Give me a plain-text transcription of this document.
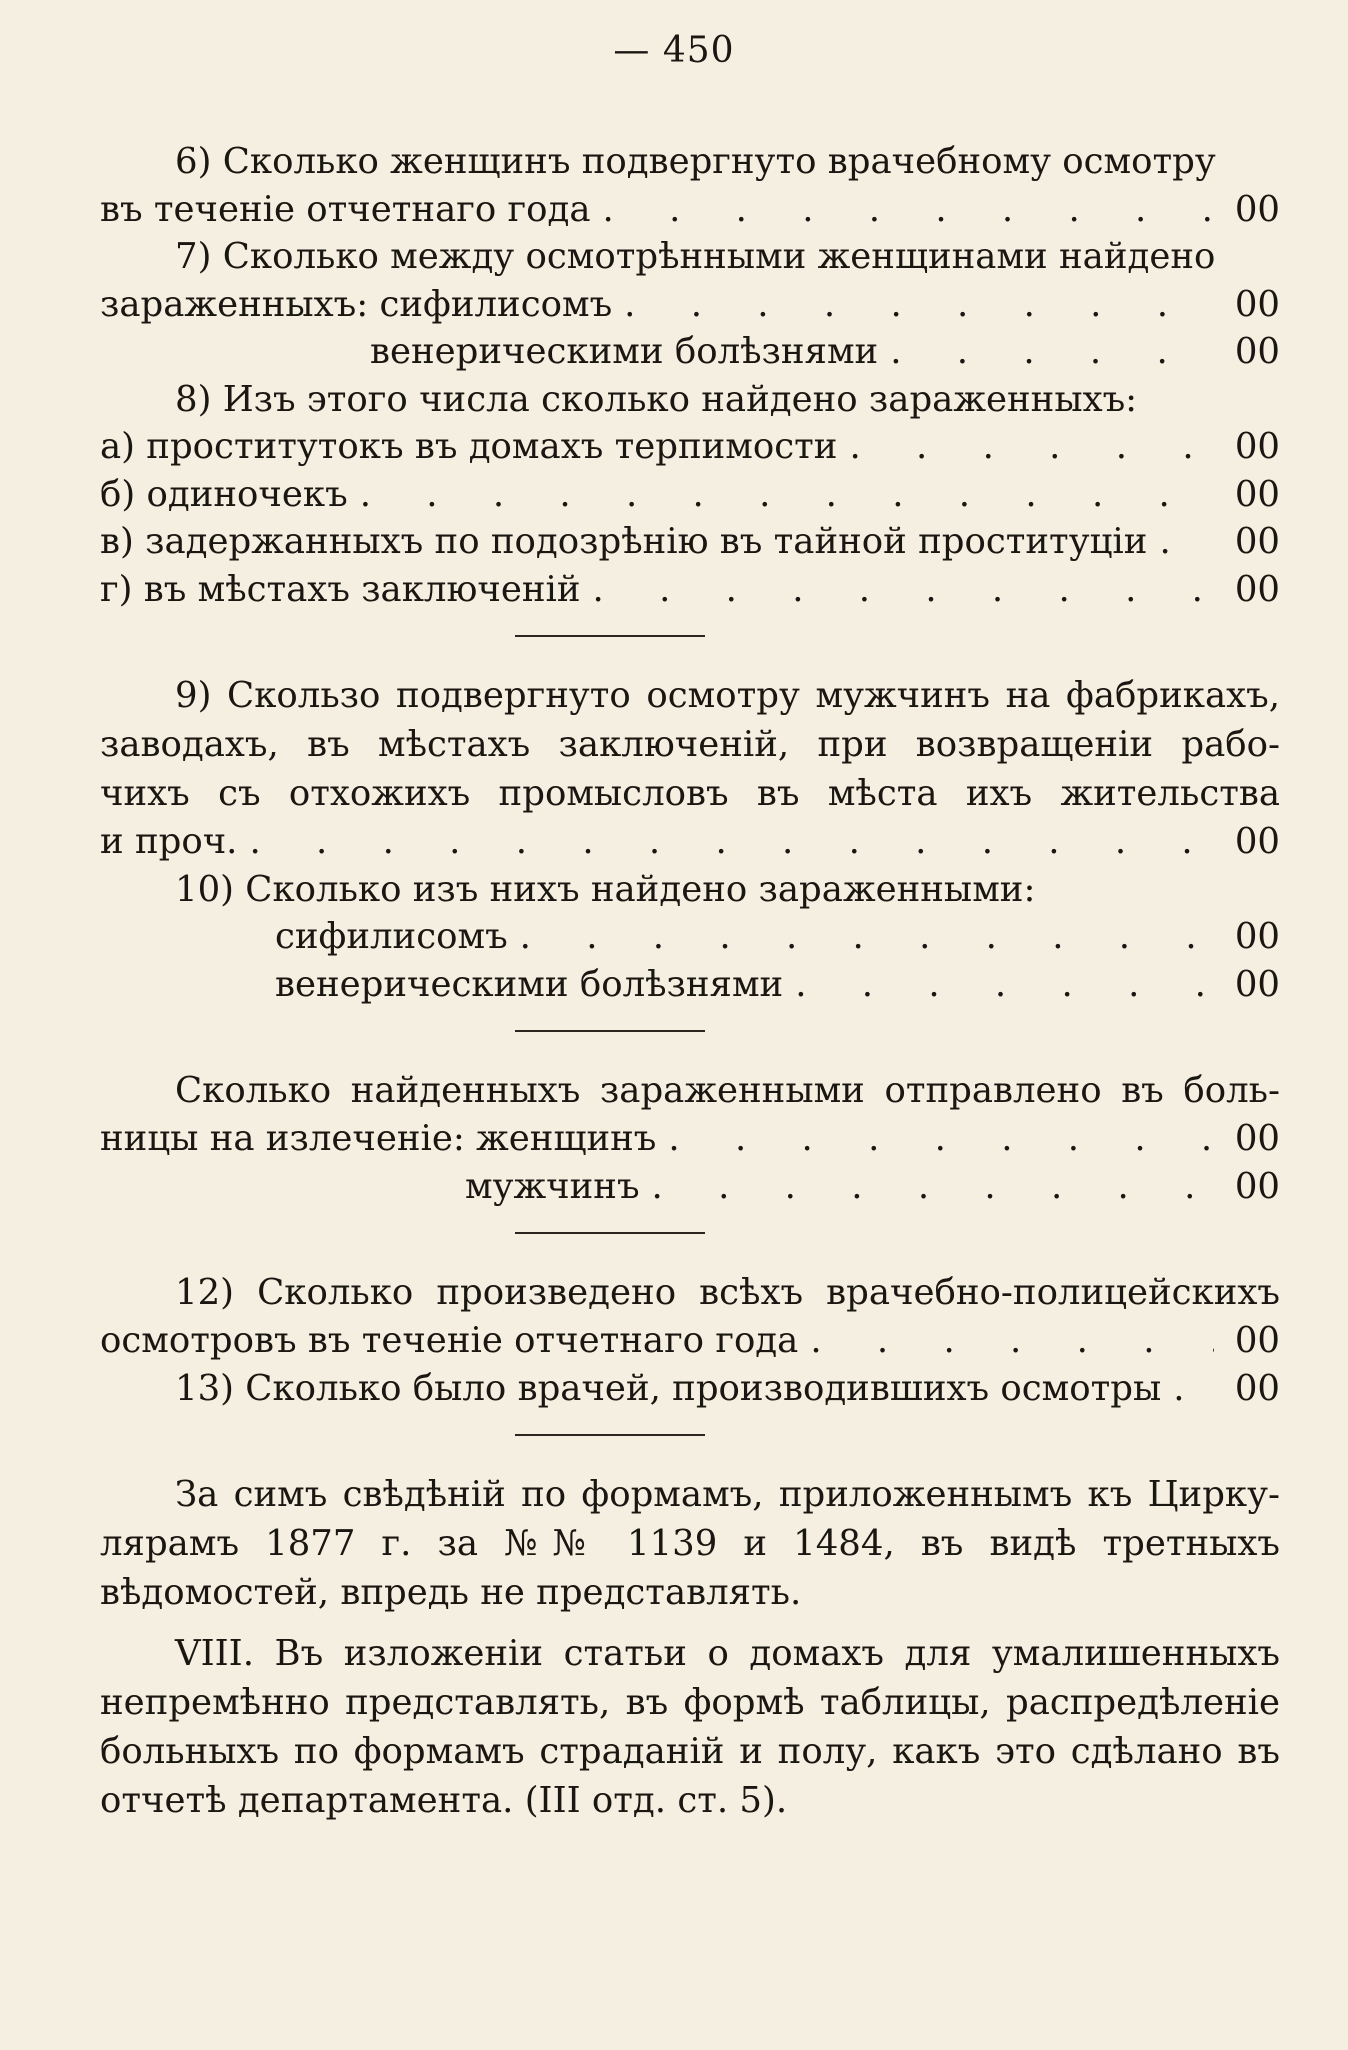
— 450
6) Сколько женщинъ подвергнуто врачебному осмотру
въ теченіе отчетнаго года . . .	00
7) Сколько между осмотрѣнными женщинами найдено
зараженныхъ: сифилисомъ . . .	00
венерическими болѣзнями . . .	00
8) Изъ этого числа сколько найдено зараженныхъ:
а) проститутокъ въ домахъ терпимости . . .	00
б) одиночекъ . . .	00
в) задержанныхъ по подозрѣнію въ тайной проституціи . . . 00
г) въ мѣстахъ заключеній . . .	00
9) Скользо подвергнуто осмотру мужчинъ на фабрикахъ,
заводахъ, въ мѣстахъ заключеній, при возвращеніи рабо-
чихъ съ отхожихъ промысловъ въ мѣста ихъ жительства
и проч. . . .	00
10) Сколько изъ нихъ найдено зараженными:
сифилисомъ . . .	00
венерическими болѣзнями . . .	00
Сколько найденныхъ зараженными отправлено въ боль-
ницы на излеченіе: женщинъ . . .	00
мужчинъ . . .	00
12) Сколько произведено всѣхъ врачебно-полицейскихъ
осмотровъ въ теченіе отчетнаго года . . .	00
13) Сколько было врачей, производившихъ осмотры . . . 00
За симъ свѣдѣній по формамъ, приложеннымъ къ Цирку-
лярамъ 1877 г. за №№ 1139 и 1484, въ видѣ третныхъ
вѣдомостей, впредь не представлять.
VIII. Въ изложеніи статьи о домахъ для умалишенныхъ
непремѣнно представлять, въ формѣ таблицы, распредѣленіе
больныхъ по формамъ страданій и полу, какъ это сдѣлано въ
отчетѣ департамента. (III отд. ст. 5).
